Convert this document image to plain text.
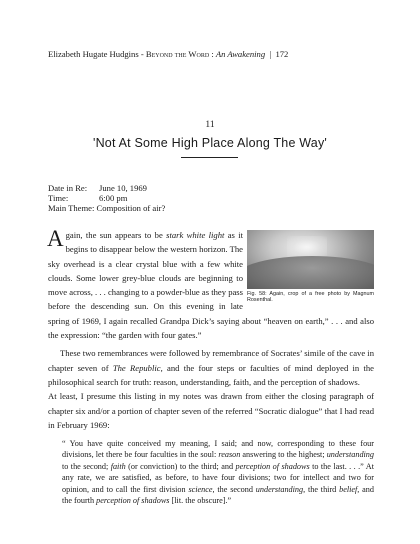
Elizabeth Hugate Hudgins - Beyond the Word : An Awakening  |  172
11
'Not At Some High Place Along The Way'
Date in Re:	June 10, 1969
Time:	6:00 pm
Main Theme:
Composition of air?

A
Fig. 58: Again, crop of a free photo by Magnum Rosenthal.
gain, the sun appears to be stark white light as it begins to disappear below the western horizon. The sky overhead is a clear crystal blue with a few white clouds. Some lower grey-blue clouds are beginning to move across, . . . changing to a powder-blue as they pass before the descending sun. On this evening in late spring of 1969, I again recalled Grandpa Dick’s saying about “heaven on earth,” . . . and also the expression: “the garden with four gates.”

These two remembrances were followed by remembrance of Socrates’ simile of the cave in chapter seven of The Republic, and the four steps or faculties of mind deployed in the philosophical search for truth: reason, understanding, faith, and the perception of shadows.

At least, I presume this listing in my notes was drawn from either the closing paragraph of chapter six and/or a portion of chapter seven of the referred “Socratic dialogue” that I had read in February 1969:

“ You have quite conceived my meaning, I said; and now, corresponding to these four divisions, let there be four faculties in the soul: reason answering to the highest; understanding to the second; faith (or conviction) to the third; and perception of shadows to the last. . . .” At any rate, we are satisfied, as before, to have four divisions; two for intellect and two for opinion, and to call the first division science, the second understanding, the third belief, and the fourth perception of shadows [lit. the obscure].”
